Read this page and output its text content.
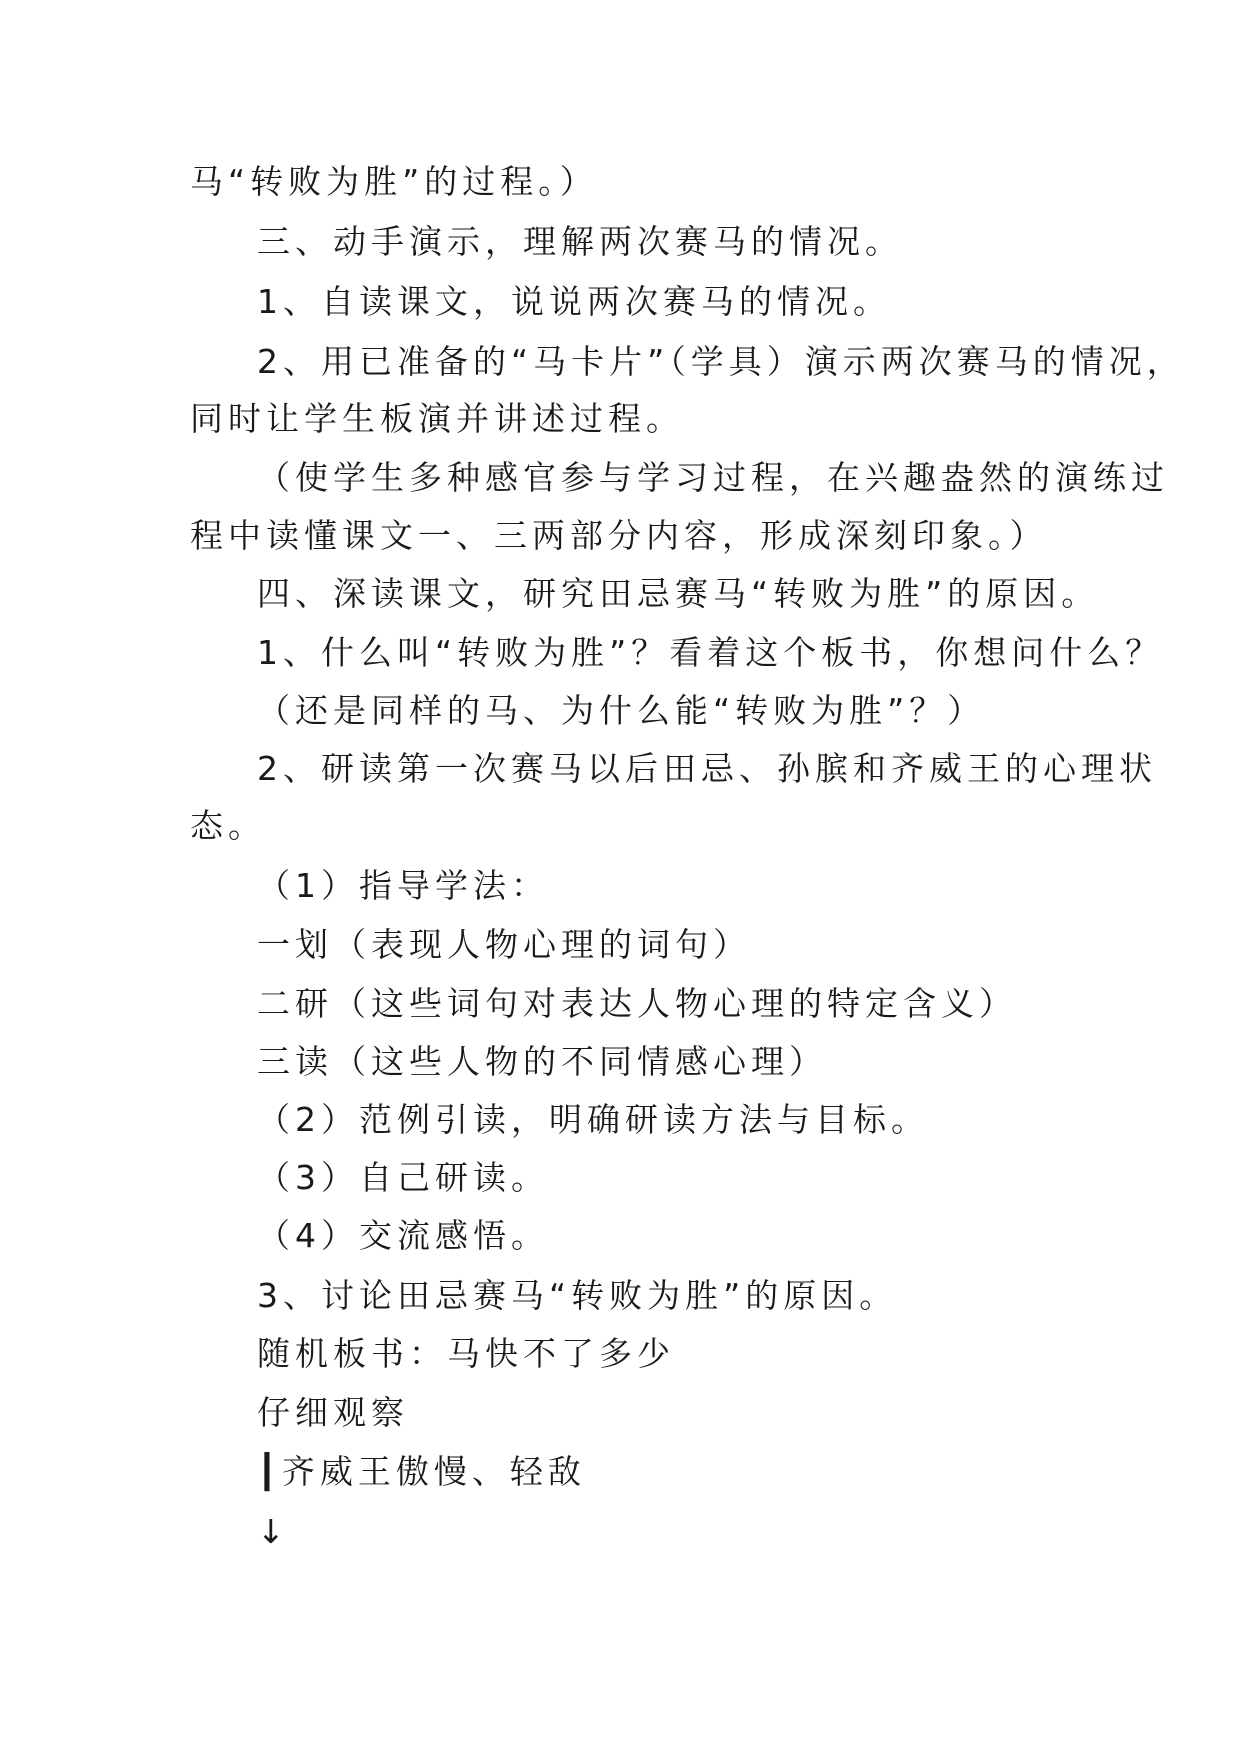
马“转败为胜”的过程。）
三、动手演示，理解两次赛马的情况。
1、自读课文，说说两次赛马的情况。
2、用已准备的“马卡片”（学具）演示两次赛马的情况，
同时让学生板演并讲述过程。
（使学生多种感官参与学习过程，在兴趣盎然的演练过
程中读懂课文一、三两部分内容，形成深刻印象。）
四、深读课文，研究田忌赛马“转败为胜”的原因。
1、什么叫“转败为胜”？看着这个板书，你想问什么？
（还是同样的马、为什么能“转败为胜”？）
2、研读第一次赛马以后田忌、孙膑和齐威王的心理状
态。
（1）指导学法：
一划（表现人物心理的词句）
二研（这些词句对表达人物心理的特定含义）
三读（这些人物的不同情感心理）
（2）范例引读，明确研读方法与目标。
（3）自己研读。
（4）交流感悟。
3、讨论田忌赛马“转败为胜”的原因。
随机板书：马快不了多少
仔细观察
┃齐威王傲慢、轻敌
↓
